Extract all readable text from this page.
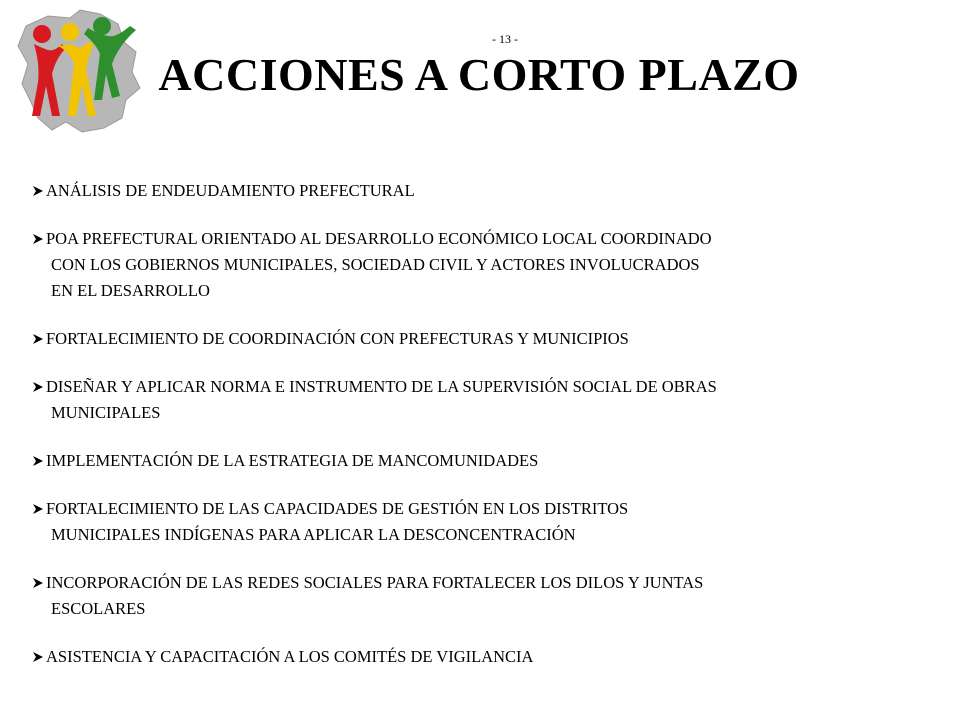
- 13 -
ACCIONES A CORTO PLAZO
ANÁLISIS DE ENDEUDAMIENTO PREFECTURAL
POA PREFECTURAL ORIENTADO AL DESARROLLO ECONÓMICO LOCAL COORDINADO
CON LOS GOBIERNOS MUNICIPALES, SOCIEDAD CIVIL Y ACTORES INVOLUCRADOS
EN EL DESARROLLO
FORTALECIMIENTO DE COORDINACIÓN CON PREFECTURAS Y MUNICIPIOS
DISEÑAR Y APLICAR NORMA E INSTRUMENTO DE LA SUPERVISIÓN SOCIAL DE OBRAS
MUNICIPALES
IMPLEMENTACIÓN DE LA ESTRATEGIA DE MANCOMUNIDADES
FORTALECIMIENTO DE LAS CAPACIDADES DE GESTIÓN EN LOS DISTRITOS
MUNICIPALES INDÍGENAS PARA APLICAR LA DESCONCENTRACIÓN
INCORPORACIÓN DE LAS REDES SOCIALES PARA FORTALECER LOS DILOS Y JUNTAS
ESCOLARES
ASISTENCIA Y CAPACITACIÓN A LOS COMITÉS DE VIGILANCIA
